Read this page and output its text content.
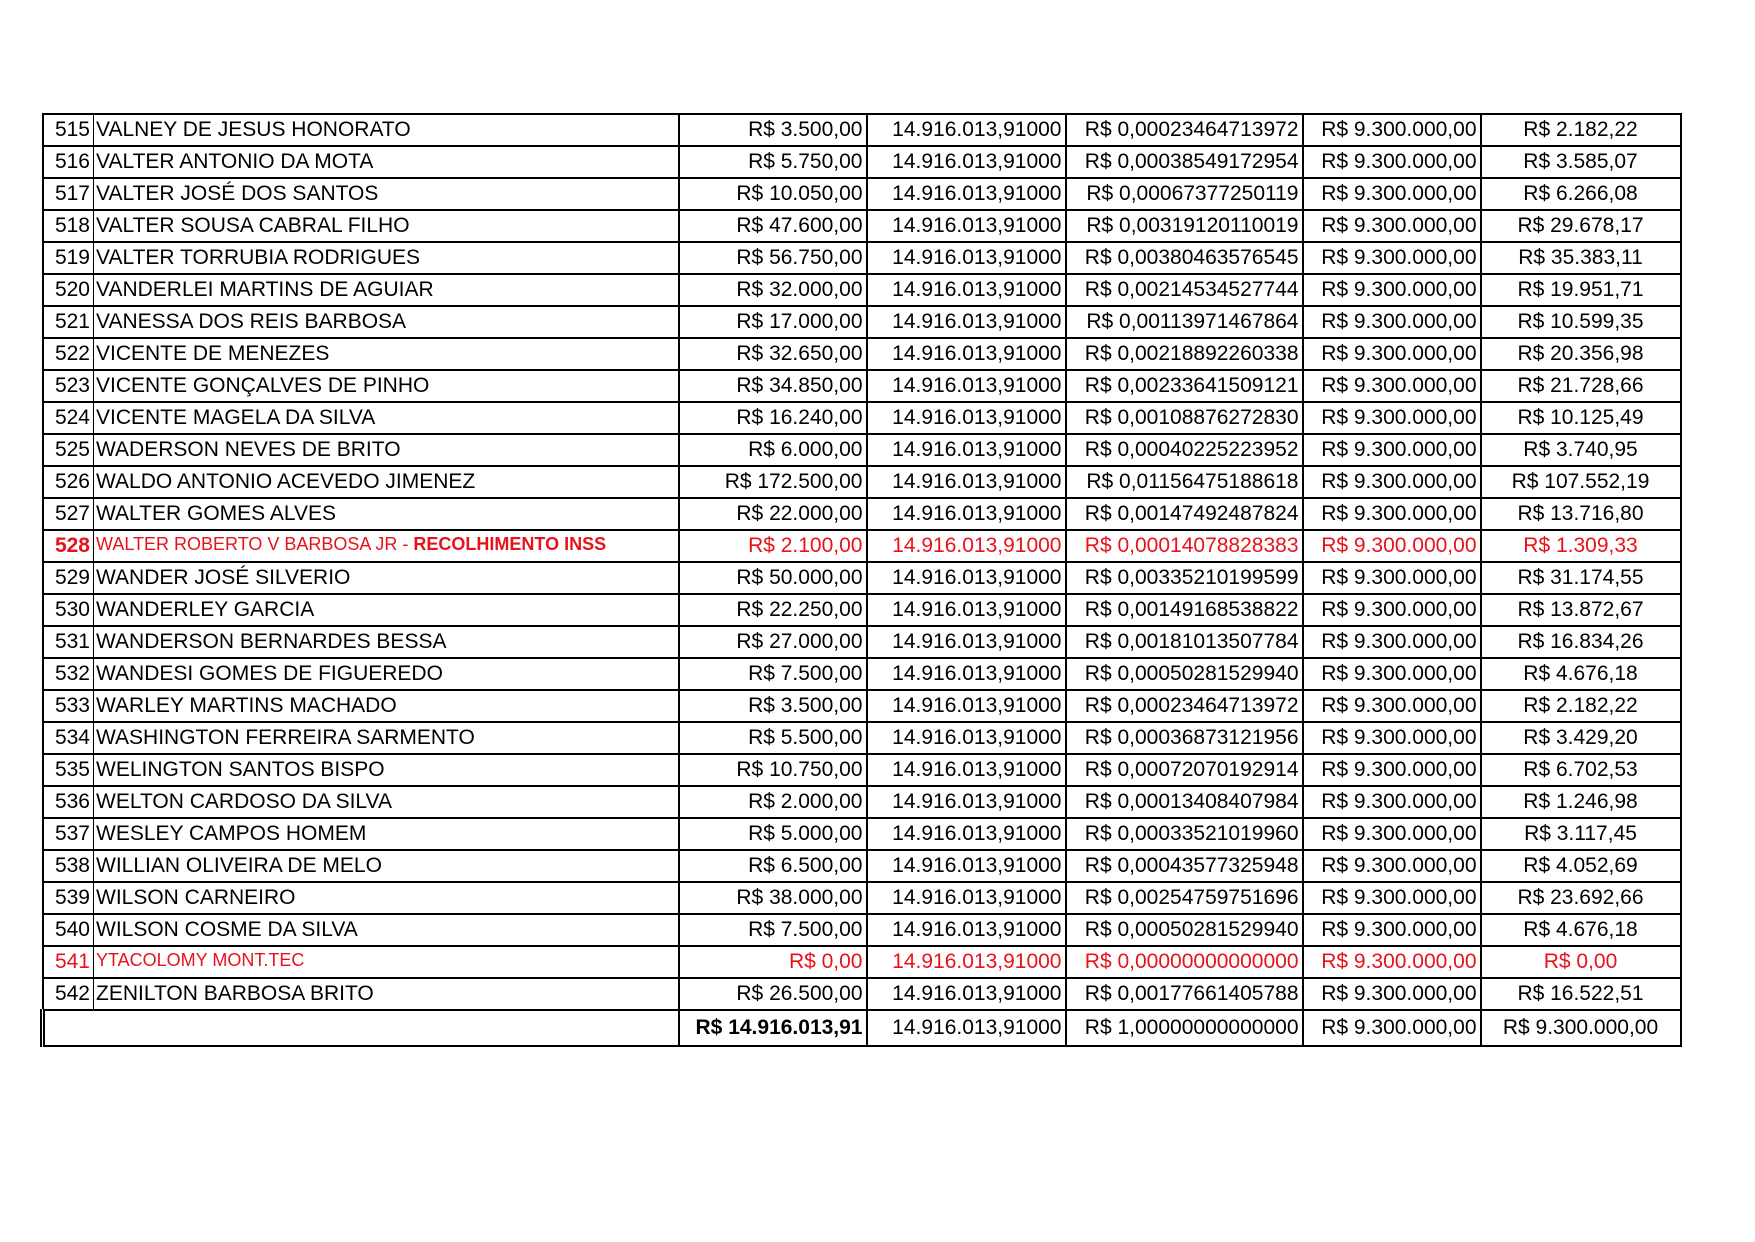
515	VALNEY DE JESUS HONORATO	R$ 3.500,00	14.916.013,91000	R$ 0,00023464713972	R$ 9.300.000,00	R$ 2.182,22
516	VALTER ANTONIO DA MOTA	R$ 5.750,00	14.916.013,91000	R$ 0,00038549172954	R$ 9.300.000,00	R$ 3.585,07
517	VALTER JOSÉ DOS SANTOS	R$ 10.050,00	14.916.013,91000	R$ 0,00067377250119	R$ 9.300.000,00	R$ 6.266,08
518	VALTER SOUSA CABRAL FILHO	R$ 47.600,00	14.916.013,91000	R$ 0,00319120110019	R$ 9.300.000,00	R$ 29.678,17
519	VALTER TORRUBIA RODRIGUES	R$ 56.750,00	14.916.013,91000	R$ 0,00380463576545	R$ 9.300.000,00	R$ 35.383,11
520	VANDERLEI MARTINS DE AGUIAR	R$ 32.000,00	14.916.013,91000	R$ 0,00214534527744	R$ 9.300.000,00	R$ 19.951,71
521	VANESSA DOS REIS BARBOSA	R$ 17.000,00	14.916.013,91000	R$ 0,00113971467864	R$ 9.300.000,00	R$ 10.599,35
522	VICENTE DE MENEZES	R$ 32.650,00	14.916.013,91000	R$ 0,00218892260338	R$ 9.300.000,00	R$ 20.356,98
523	VICENTE GONÇALVES DE PINHO	R$ 34.850,00	14.916.013,91000	R$ 0,00233641509121	R$ 9.300.000,00	R$ 21.728,66
524	VICENTE MAGELA DA SILVA	R$ 16.240,00	14.916.013,91000	R$ 0,00108876272830	R$ 9.300.000,00	R$ 10.125,49
525	WADERSON NEVES DE BRITO	R$ 6.000,00	14.916.013,91000	R$ 0,00040225223952	R$ 9.300.000,00	R$ 3.740,95
526	WALDO ANTONIO ACEVEDO JIMENEZ	R$ 172.500,00	14.916.013,91000	R$ 0,01156475188618	R$ 9.300.000,00	R$ 107.552,19
527	WALTER GOMES ALVES	R$ 22.000,00	14.916.013,91000	R$ 0,00147492487824	R$ 9.300.000,00	R$ 13.716,80
528	WALTER ROBERTO V BARBOSA JR - RECOLHIMENTO INSS	R$ 2.100,00	14.916.013,91000	R$ 0,00014078828383	R$ 9.300.000,00	R$ 1.309,33
529	WANDER JOSÉ SILVERIO	R$ 50.000,00	14.916.013,91000	R$ 0,00335210199599	R$ 9.300.000,00	R$ 31.174,55
530	WANDERLEY GARCIA	R$ 22.250,00	14.916.013,91000	R$ 0,00149168538822	R$ 9.300.000,00	R$ 13.872,67
531	WANDERSON BERNARDES BESSA	R$ 27.000,00	14.916.013,91000	R$ 0,00181013507784	R$ 9.300.000,00	R$ 16.834,26
532	WANDESI GOMES DE FIGUEREDO	R$ 7.500,00	14.916.013,91000	R$ 0,00050281529940	R$ 9.300.000,00	R$ 4.676,18
533	WARLEY MARTINS MACHADO	R$ 3.500,00	14.916.013,91000	R$ 0,00023464713972	R$ 9.300.000,00	R$ 2.182,22
534	WASHINGTON FERREIRA SARMENTO	R$ 5.500,00	14.916.013,91000	R$ 0,00036873121956	R$ 9.300.000,00	R$ 3.429,20
535	WELINGTON SANTOS BISPO	R$ 10.750,00	14.916.013,91000	R$ 0,00072070192914	R$ 9.300.000,00	R$ 6.702,53
536	WELTON CARDOSO DA SILVA	R$ 2.000,00	14.916.013,91000	R$ 0,00013408407984	R$ 9.300.000,00	R$ 1.246,98
537	WESLEY CAMPOS HOMEM	R$ 5.000,00	14.916.013,91000	R$ 0,00033521019960	R$ 9.300.000,00	R$ 3.117,45
538	WILLIAN OLIVEIRA DE MELO	R$ 6.500,00	14.916.013,91000	R$ 0,00043577325948	R$ 9.300.000,00	R$ 4.052,69
539	WILSON CARNEIRO	R$ 38.000,00	14.916.013,91000	R$ 0,00254759751696	R$ 9.300.000,00	R$ 23.692,66
540	WILSON COSME DA SILVA	R$ 7.500,00	14.916.013,91000	R$ 0,00050281529940	R$ 9.300.000,00	R$ 4.676,18
541	YTACOLOMY MONT.TEC	R$ 0,00	14.916.013,91000	R$ 0,00000000000000	R$ 9.300.000,00	R$ 0,00
542	ZENILTON BARBOSA BRITO	R$ 26.500,00	14.916.013,91000	R$ 0,00177661405788	R$ 9.300.000,00	R$ 16.522,51
		R$ 14.916.013,91	14.916.013,91000	R$ 1,00000000000000	R$ 9.300.000,00	R$ 9.300.000,00
